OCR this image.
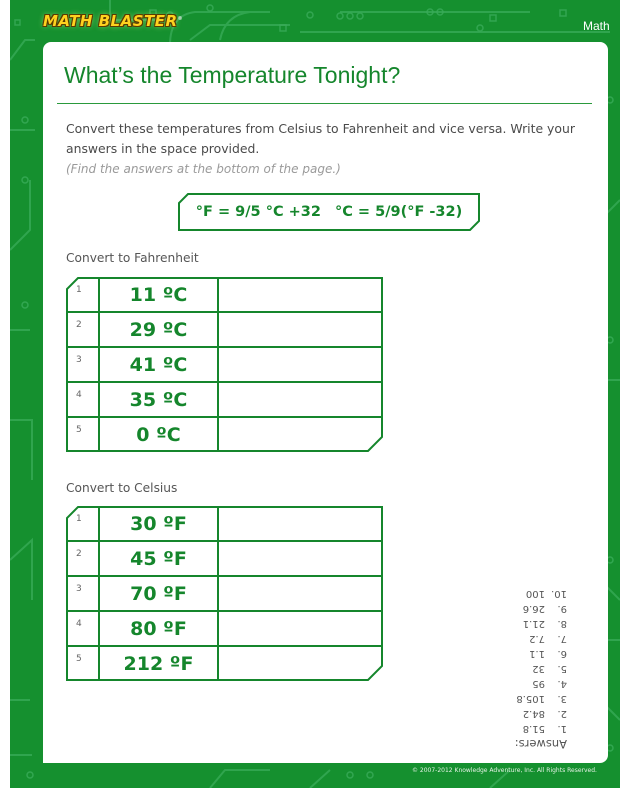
MATH BLASTER®	Math
What’s the Temperature Tonight?
Convert these temperatures from Celsius to Fahrenheit and vice versa. Write your answers in the space provided.
(Find the answers at the bottom of the page.)
°F = 9/5 °C +32 °C = 5/9(°F -32)
Convert to Fahrenheit
1	11 ºC
2	29 ºC
3	41 ºC
4	35 ºC
5	0 ºC
Convert to Celsius
1	30 ºF
2	45 ºF
3	70 ºF
4	80 ºF
5	212 ºF
Answers:
1.51.8
2.84.2
3.105.8
4.95
5.32
6.1.1
7.7.2
8.21.1
9.26.6
10.100
© 2007-2012 Knowledge Adventure, Inc. All Rights Reserved.
